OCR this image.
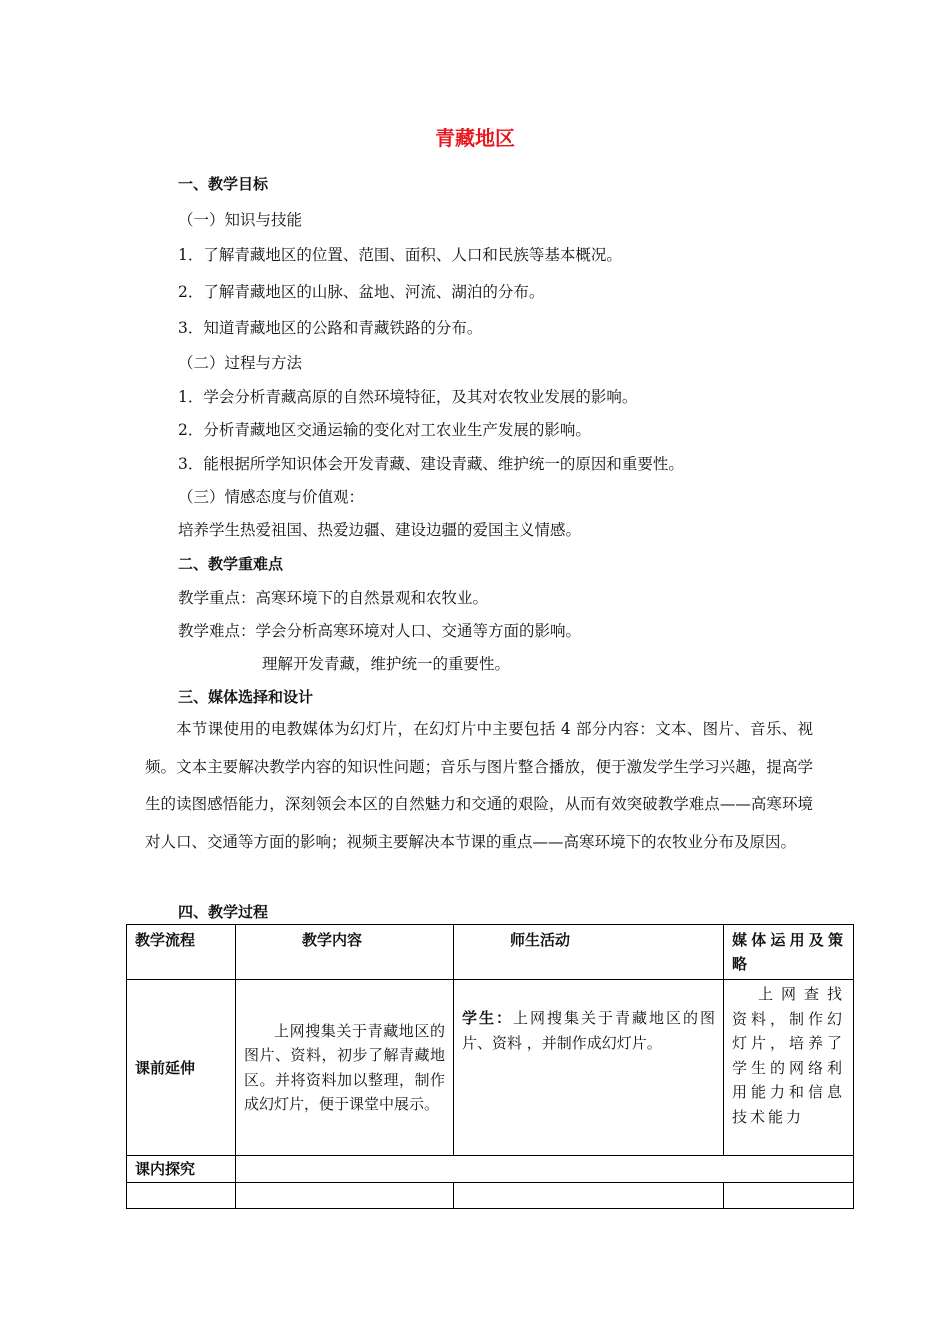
青藏地区
一、教学目标
（一）知识与技能
1．了解青藏地区的位置、范围、面积、人口和民族等基本概况。
2．了解青藏地区的山脉、盆地、河流、湖泊的分布。
3．知道青藏地区的公路和青藏铁路的分布。
（二）过程与方法
1．学会分析青藏高原的自然环境特征，及其对农牧业发展的影响。
2．分析青藏地区交通运输的变化对工农业生产发展的影响。
3．能根据所学知识体会开发青藏、建设青藏、维护统一的原因和重要性。
（三）情感态度与价值观：
培养学生热爱祖国、热爱边疆、建设边疆的爱国主义情感。
二、教学重难点
教学重点：高寒环境下的自然景观和农牧业。
教学难点：学会分析高寒环境对人口、交通等方面的影响。
理解开发青藏，维护统一的重要性。
三、媒体选择和设计
本节课使用的电教媒体为幻灯片，在幻灯片中主要包括 4 部分内容：文本、图片、音乐、视频。文本主要解决教学内容的知识性问题；音乐与图片整合播放，便于激发学生学习兴趣，提高学生的读图感悟能力，深刻领会本区的自然魅力和交通的艰险，从而有效突破教学难点——高寒环境对人口、交通等方面的影响；视频主要解决本节课的重点——高寒环境下的农牧业分布及原因。
四、教学过程
教学流程	教学内容	师生活动	媒体运用及策略
课前延伸	上网搜集关于青藏地区的图片、资料，初步了解青藏地区。并将资料加以整理，制作成幻灯片，便于课堂中展示。	学生：上网搜集关于青藏地区的图片、资料 ，并制作成幻灯片。	上网查找资料，制作幻灯片，培养了学生的网络利用能力和信息技术能力

课内探究			
